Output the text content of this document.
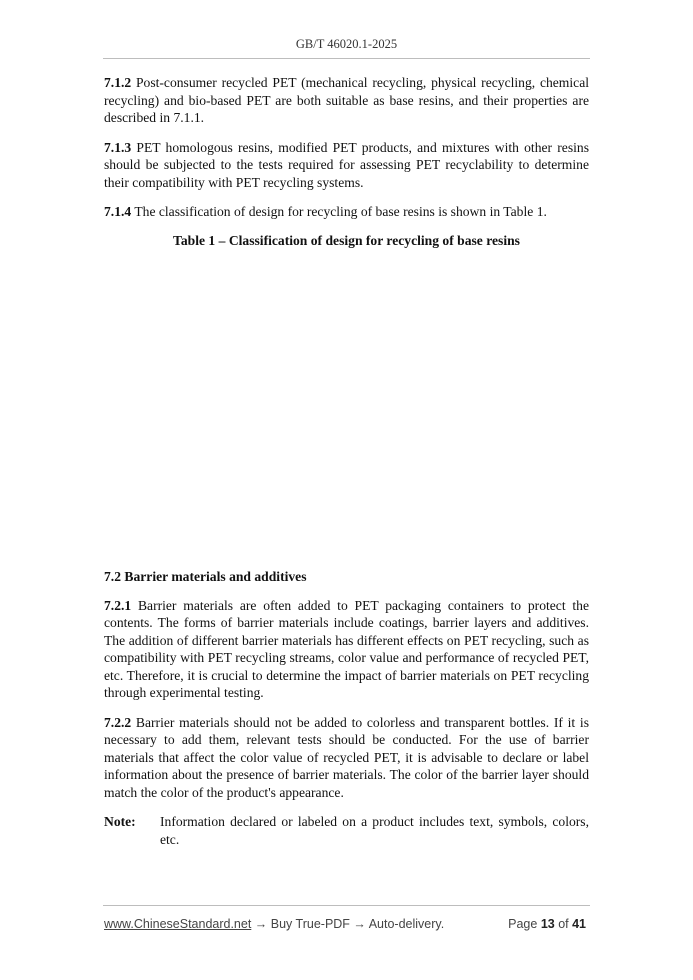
GB/T 46020.1-2025

7.1.2 Post-consumer recycled PET (mechanical recycling, physical recycling, chemical recycling) and bio-based PET are both suitable as base resins, and their properties are described in 7.1.1.

7.1.3 PET homologous resins, modified PET products, and mixtures with other resins should be subjected to the tests required for assessing PET recyclability to determine their compatibility with PET recycling systems.

7.1.4 The classification of design for recycling of base resins is shown in Table 1.

Table 1 – Classification of design for recycling of base resins

7.2 Barrier materials and additives

7.2.1 Barrier materials are often added to PET packaging containers to protect the contents. The forms of barrier materials include coatings, barrier layers and additives. The addition of different barrier materials has different effects on PET recycling, such as compatibility with PET recycling streams, color value and performance of recycled PET, etc. Therefore, it is crucial to determine the impact of barrier materials on PET recycling through experimental testing.

7.2.2 Barrier materials should not be added to colorless and transparent bottles. If it is necessary to add them, relevant tests should be conducted. For the use of barrier materials that affect the color value of recycled PET, it is advisable to declare or label information about the presence of barrier materials. The color of the barrier layer should match the color of the product's appearance.

Note:	Information declared or labeled on a product includes text, symbols, colors, etc.
www.ChineseStandard.net → Buy True-PDF → Auto-delivery.	Page 13 of 41
